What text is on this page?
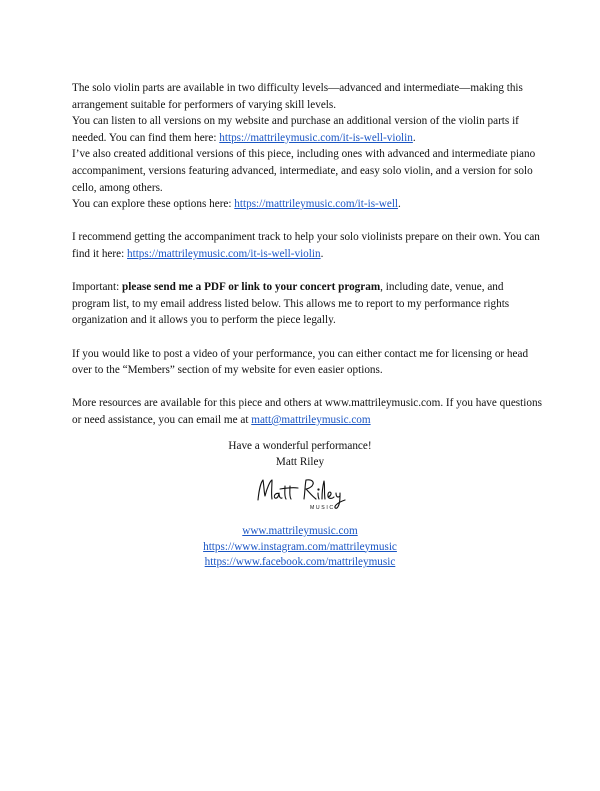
The solo violin parts are available in two difficulty levels—advanced and intermediate—making this arrangement suitable for performers of varying skill levels.

You can listen to all versions on my website and purchase an additional version of the violin parts if needed. You can find them here: https://mattrileymusic.com/it-is-well-violin.

I’ve also created additional versions of this piece, including ones with advanced and intermediate piano accompaniment, versions featuring advanced, intermediate, and easy solo violin, and a version for solo cello, among others.

You can explore these options here: https://mattrileymusic.com/it-is-well.

I recommend getting the accompaniment track to help your solo violinists prepare on their own. You can find it here: https://mattrileymusic.com/it-is-well-violin.

Important: please send me a PDF or link to your concert program, including date, venue, and program list, to my email address listed below. This allows me to report to my performance rights organization and it allows you to perform the piece legally.

If you would like to post a video of your performance, you can either contact me for licensing or head over to the “Members” section of my website for even easier options.

More resources are available for this piece and others at www.mattrileymusic.com. If you have questions or need assistance, you can email me at matt@mattrileymusic.com

Have a wonderful performance!

Matt Riley

MUSIC

www.mattrileymusic.com

https://www.instagram.com/mattrileymusic

https://www.facebook.com/mattrileymusic
